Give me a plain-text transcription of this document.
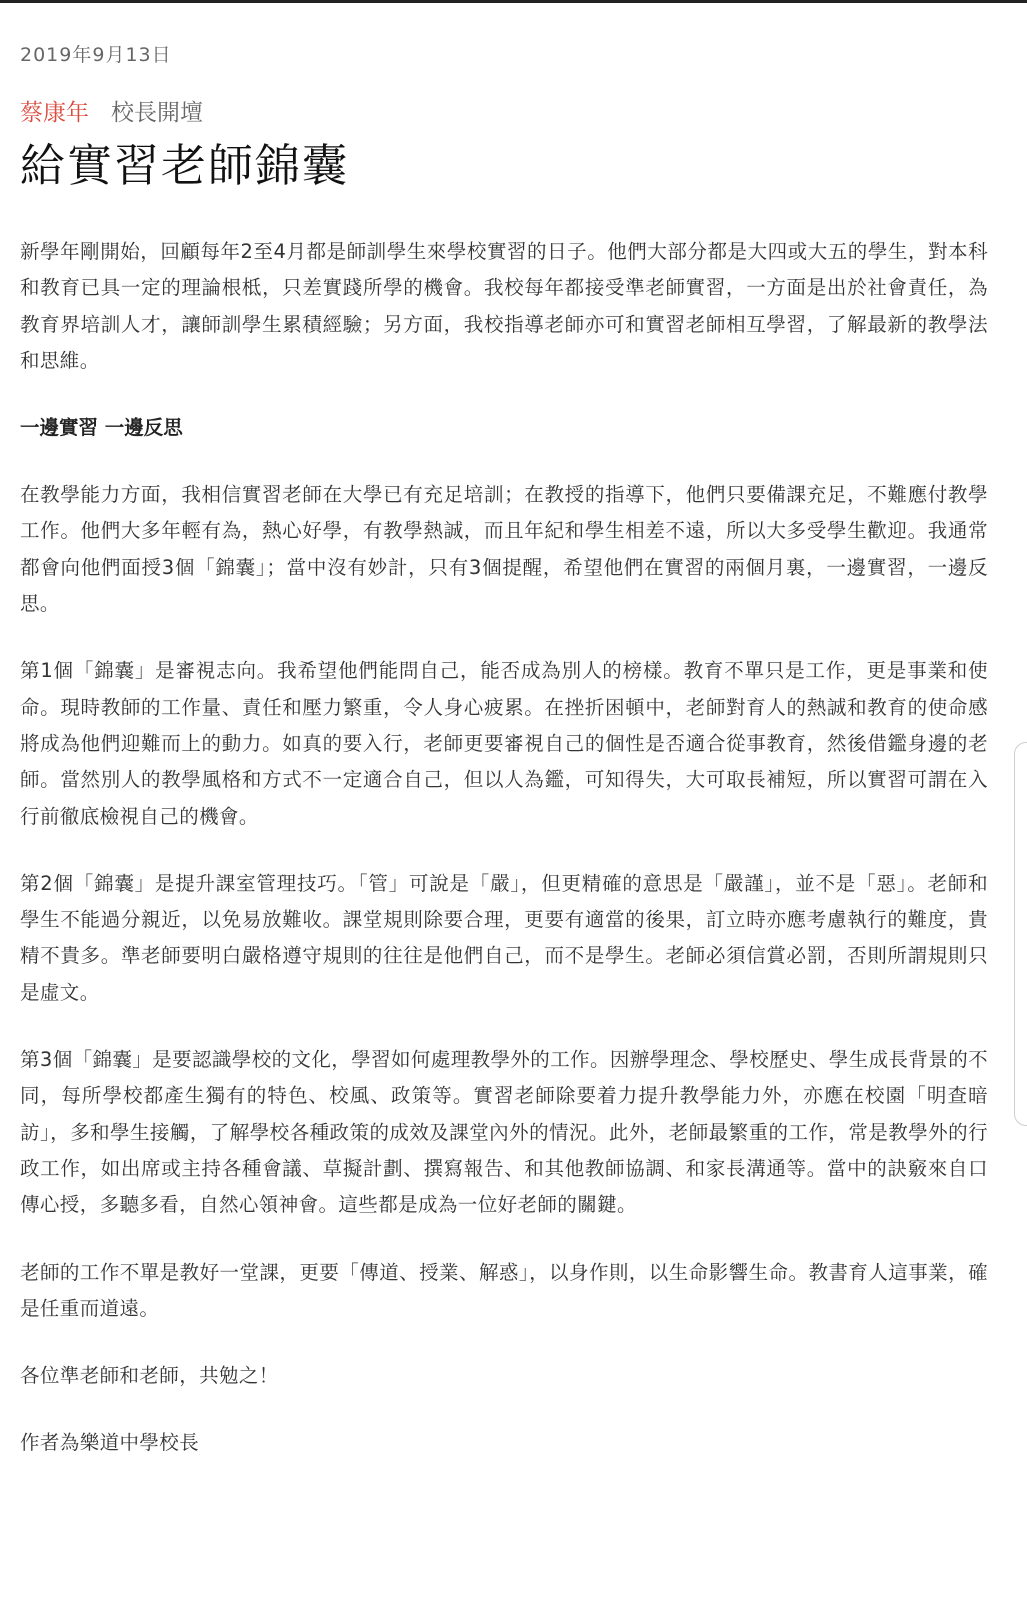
2019年9月13日
蔡康年 校長開壇
給實習老師錦囊

新學年剛開始，回顧每年2至4月都是師訓學生來學校實習的日子。他們大部分都是大四或大五的學生，對本科和教育已具一定的理論根柢，只差實踐所學的機會。我校每年都接受準老師實習，一方面是出於社會責任，為教育界培訓人才，讓師訓學生累積經驗；另方面，我校指導老師亦可和實習老師相互學習，了解最新的教學法和思維。

一邊實習 一邊反思

在教學能力方面，我相信實習老師在大學已有充足培訓；在教授的指導下，他們只要備課充足，不難應付教學工作。他們大多年輕有為，熱心好學，有教學熱誠，而且年紀和學生相差不遠，所以大多受學生歡迎。我通常都會向他們面授3個「錦囊」；當中沒有妙計，只有3個提醒，希望他們在實習的兩個月裏，一邊實習，一邊反思。

第1個「錦囊」是審視志向。我希望他們能問自己，能否成為別人的榜樣。教育不單只是工作，更是事業和使命。現時教師的工作量、責任和壓力繁重，令人身心疲累。在挫折困頓中，老師對育人的熱誠和教育的使命感將成為他們迎難而上的動力。如真的要入行，老師更要審視自己的個性是否適合從事教育，然後借鑑身邊的老師。當然別人的教學風格和方式不一定適合自己，但以人為鑑，可知得失，大可取長補短，所以實習可謂在入行前徹底檢視自己的機會。

第2個「錦囊」是提升課室管理技巧。「管」可說是「嚴」，但更精確的意思是「嚴謹」，並不是「惡」。老師和學生不能過分親近，以免易放難收。課堂規則除要合理，更要有適當的後果，訂立時亦應考慮執行的難度，貴精不貴多。準老師要明白嚴格遵守規則的往往是他們自己，而不是學生。老師必須信賞必罰，否則所謂規則只是虛文。

第3個「錦囊」是要認識學校的文化，學習如何處理教學外的工作。因辦學理念、學校歷史、學生成長背景的不同，每所學校都產生獨有的特色、校風、政策等。實習老師除要着力提升教學能力外，亦應在校園「明查暗訪」，多和學生接觸，了解學校各種政策的成效及課堂內外的情況。此外，老師最繁重的工作，常是教學外的行政工作，如出席或主持各種會議、草擬計劃、撰寫報告、和其他教師協調、和家長溝通等。當中的訣竅來自口傳心授，多聽多看，自然心領神會。這些都是成為一位好老師的關鍵。

老師的工作不單是教好一堂課，更要「傳道、授業、解惑」，以身作則，以生命影響生命。教書育人這事業，確是任重而道遠。

各位準老師和老師，共勉之！

作者為樂道中學校長
